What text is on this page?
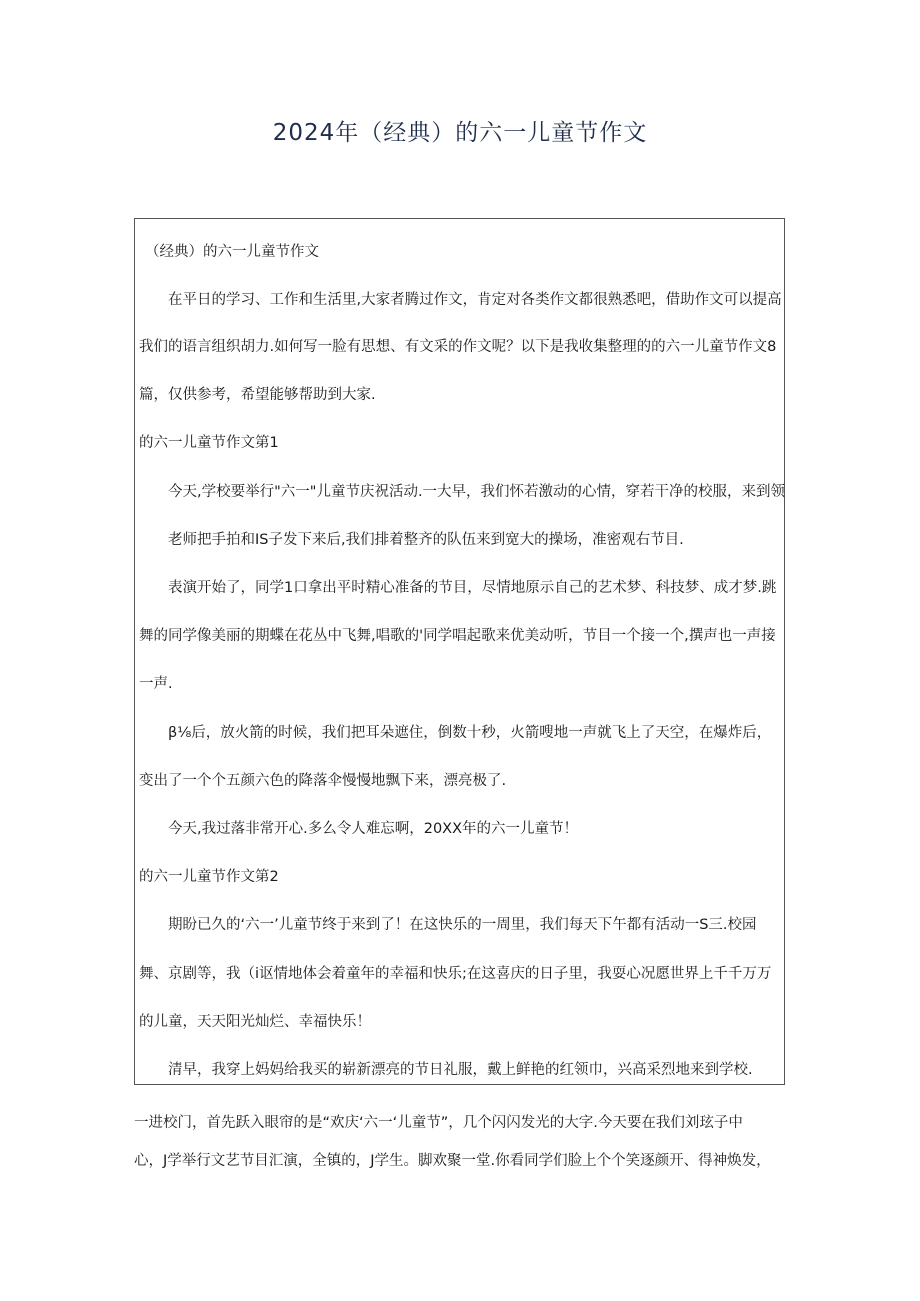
2024年（经典）的六一儿童节作文
（经典）的六一儿童节作文
在平日的学习、工作和生活里,大家者腾过作文，肯定对各类作文都很熟悉吧，借助作文可以提高
我们的语言组织胡力.如何写一脸有思想、有文采的作文呢？以下是我收集整理的的六一儿童节作文8
篇，仅供参考，希望能够帮助到大家.
的六一儿童节作文第1
今天,学校要举行"六一"儿童节庆祝活动.一大早，我们怀若激动的心情，穿若干净的校服，来到领
老师把手拍和IS子发下来后,我们排着整齐的队伍来到宽大的操场，准密观右节目.
表演开始了，同学1口拿出平时精心准备的节目，尽情地原示自己的艺术梦、科技梦、成才梦.跳
舞的同学像美丽的期蝶在花丛中飞舞,唱歌的'同学唱起歌来优美动听，节目一个接一个,撰声也一声接
一声.
β⅛后，放火箭的时候，我们把耳朵遮住，倒数十秒，火箭嗖地一声就飞上了天空，在爆炸后，
变出了一个个五颜六色的降落伞慢慢地飘下来，漂亮极了.
今天,我过落非常开心.多么令人难忘啊，20XX年的六一儿童节！
的六一儿童节作文第2
期盼已久的‘六一’儿童节终于来到了！在这快乐的一周里，我们每天下午都有活动一S三.校园
舞、京剧等，我（i讴情地体会着童年的幸福和快乐;在这喜庆的日子里，我耍心况愿世界上千千万万
的儿童，天天阳光灿烂、幸福快乐！
清早，我穿上妈妈给我买的崭新漂亮的节日礼服，戴上鲜艳的红领巾，兴高采烈地来到学校.
一进校门，首先跃入眼帘的是“欢庆‘六一‘儿童节”，几个闪闪发光的大字.今天要在我们刘玹子中
心，J学举行文艺节目汇演，全镇的，J学生。脚欢聚一堂.你看同学们脸上个个笑逐颜开、得神焕发，
